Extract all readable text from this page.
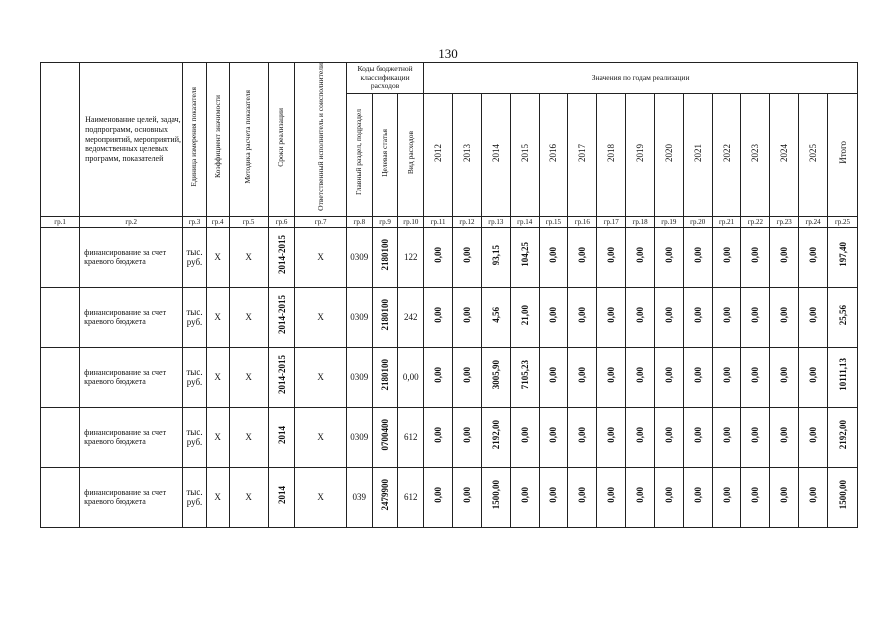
130
	Наименование целей, задач, подпрограмм, основных мероприятий, мероприятий, ведомственных целевых программ, показателей	Единица измерения показателя	Коэффициент значимости	Методика расчета показателя	Сроки реализации	Ответственный исполнитель и соисполнители	Коды бюджетной классификации расходов			Значения по годам реализации														
							Главный раздел, подраздел	Целевая статья	Вид расходов	2012	2013	2014	2015	2016	2017	2018	2019	2020	2021	2022	2023	2024	2025	Итого
гр.1	гр.2	гр.3	гр.4	гр.5	гр.6	гр.7	гр.8	гр.9	гр.10	гр.11	гр.12	гр.13	гр.14	гр.15	гр.16	гр.17	гр.18	гр.19	гр.20	гр.21	гр.22	гр.23	гр.24	гр.25
	финансирование за счет краевого бюджета	тыс. руб.	Х	Х	2014-2015	Х	0309	2180100	122	0,00	0,00	93,15	104,25	0,00	0,00	0,00	0,00	0,00	0,00	0,00	0,00	0,00	0,00	197,40
	финансирование за счет краевого бюджета	тыс. руб.	Х	Х	2014-2015	Х	0309	2180100	242	0,00	0,00	4,56	21,00	0,00	0,00	0,00	0,00	0,00	0,00	0,00	0,00	0,00	0,00	25,56
	финансирование за счет краевого бюджета	тыс. руб.	Х	Х	2014-2015	Х	0309	2180100	0,00	0,00	0,00	3005,90	7105,23	0,00	0,00	0,00	0,00	0,00	0,00	0,00	0,00	0,00	0,00	10111,13
	финансирование за счет краевого бюджета	тыс. руб.	Х	Х	2014	Х	0309	0700400	612	0,00	0,00	2192,00	0,00	0,00	0,00	0,00	0,00	0,00	0,00	0,00	0,00	0,00	0,00	2192,00
	финансирование за счет краевого бюджета	тыс. руб.	Х	Х	2014	Х	039	2479900	612	0,00	0,00	1500,00	0,00	0,00	0,00	0,00	0,00	0,00	0,00	0,00	0,00	0,00	0,00	1500,00
